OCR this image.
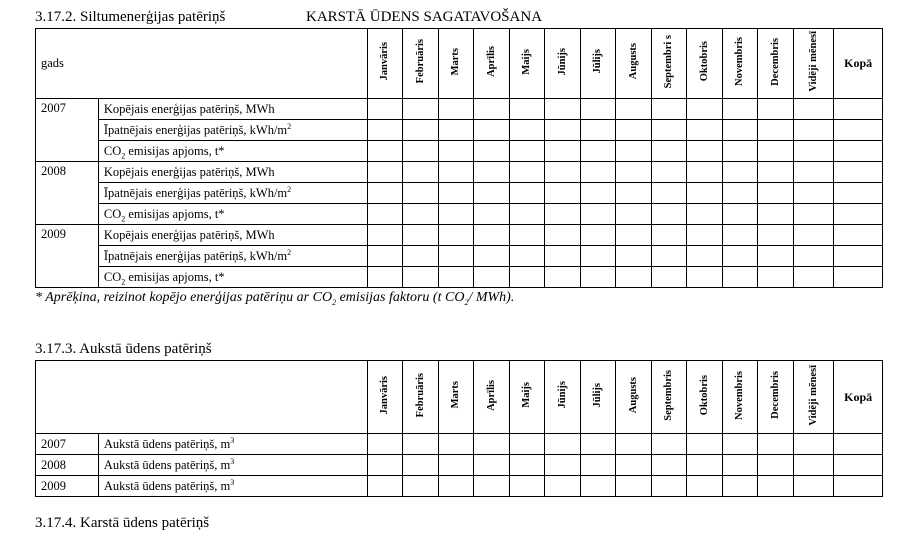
3.17.2. Siltumenerģijas patēriņš	KARSTĀ ŪDENS SAGATAVOŠANA
gads		Janvāris	Februāris	Marts	Aprīlis	Maijs	Jūnijs	Jūlijs	Augusts	Septembri s	Oktobris	Novembris	Decembris	Vidēji mēnesī	Kopā
2007	Kopējais enerģijas patēriņš, MWh														
	Īpatnējais enerģijas patēriņš, kWh/$m^2$														
	$CO_2$ emisijas apjoms, t*														
2008	Kopējais enerģijas patēriņš, MWh														
	Īpatnējais enerģijas patēriņš, kWh/$m^2$														
	$CO_2$ emisijas apjoms, t*														
2009	Kopējais enerģijas patēriņš, MWh														
	Īpatnējais enerģijas patēriņš, kWh/$m^2$														
	$CO_2$ emisijas apjoms, t*														
* Aprēķina, reizinot kopējo enerģijas patēriņu ar $CO_2$ emisijas faktoru (t $CO_2/$ MWh).
3.17.3. Aukstā ūdens patēriņš
		Janvāris	Februāris	Marts	Aprīlis	Maijs	Jūnijs	Jūlijs	Augusts	Septembris	Oktobris	Novembris	Decembris	Vidēji mēnesī	Kopā
2007	Aukstā ūdens patēriņš, $m^3$														
2008	Aukstā ūdens patēriņš, $m^3$														
2009	Aukstā ūdens patēriņš, $m^3$														
3.17.4. Karstā ūdens patēriņš
